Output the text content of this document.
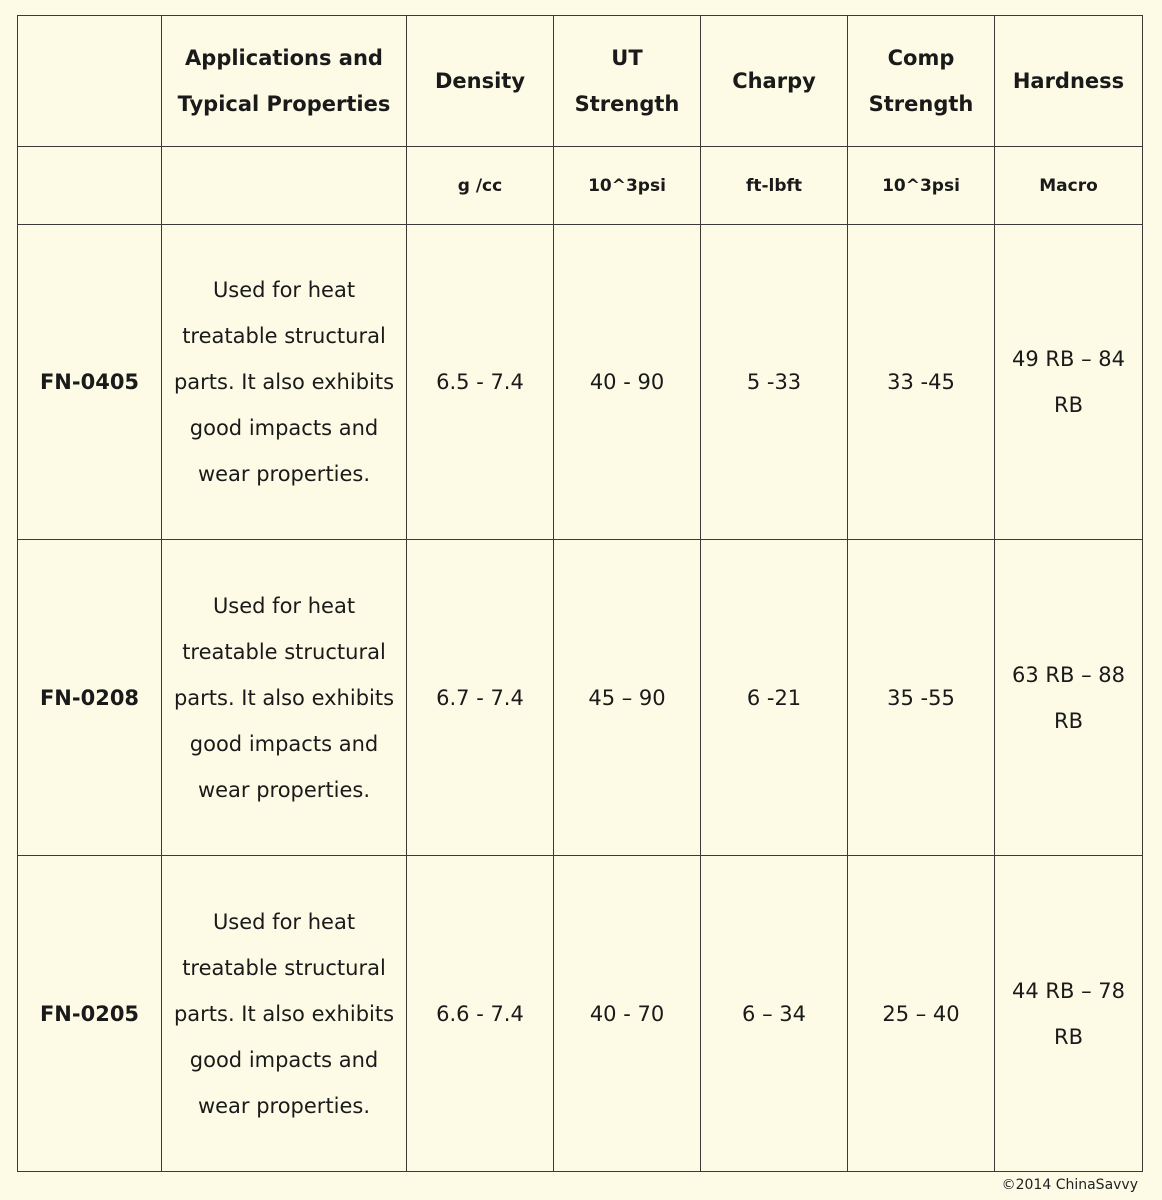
	Applications and Typical Properties	Density	UT Strength	Charpy	Comp Strength	Hardness
		g /cc	10^3psi	ft-lbft	10^3psi	Macro
FN-0405	Used for heat treatable structural parts. It also exhibits good impacts and wear properties.	6.5 - 7.4	40 - 90	5 -33	33 -45	49 RB – 84 RB
FN-0208	Used for heat treatable structural parts. It also exhibits good impacts and wear properties.	6.7 - 7.4	45 – 90	6 -21	35 -55	63 RB – 88 RB
FN-0205	Used for heat treatable structural parts. It also exhibits good impacts and wear properties.	6.6 - 7.4	40 - 70	6 – 34	25 – 40	44 RB – 78 RB
©2014 ChinaSavvy
